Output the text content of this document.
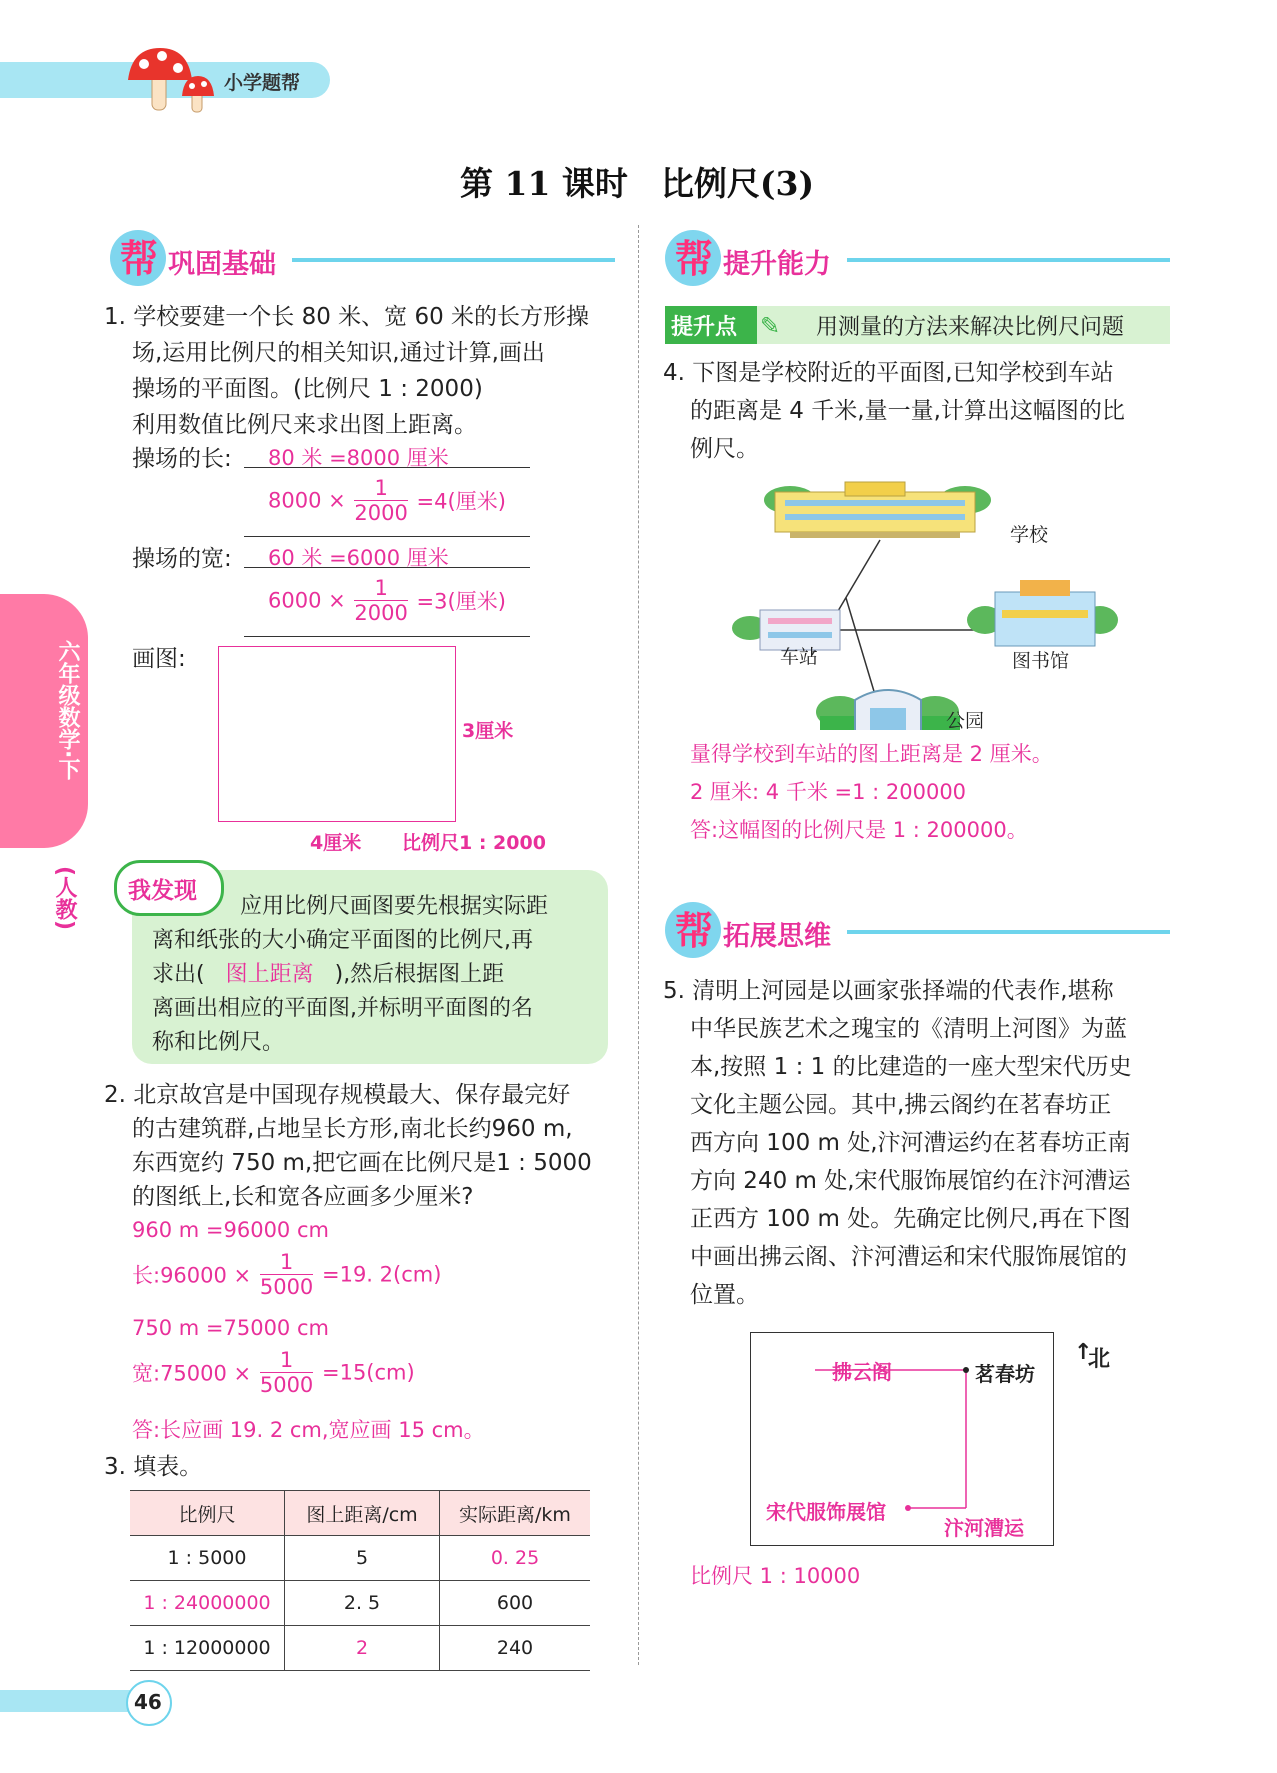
小学题帮
第 11 课时　比例尺(3)
六年级数学·下
(人教)
帮 巩固基础
1. 学校要建一个长 80 米、宽 60 米的长方形操
场,运用比例尺的相关知识,通过计算,画出
操场的平面图。(比例尺 1 : 2000)
利用数值比例尺来求出图上距离。
操场的长: 80 米 =8000 厘米
$8000 \times \frac{1}{2000} =4$(厘米)
操场的宽: 60 米 =6000 厘米
$6000 \times \frac{1}{2000} =3$(厘米)
画图:
3厘米
4厘米 比例尺1 : 2000
我发现
应用比例尺画图要先根据实际距
离和纸张的大小确定平面图的比例尺,再
求出( 图上距离 ),然后根据图上距
离画出相应的平面图,并标明平面图的名
称和比例尺。
2. 北京故宫是中国现存规模最大、保存最完好
的古建筑群,占地呈长方形,南北长约960 m,
东西宽约 750 m,把它画在比例尺是1 : 5000
的图纸上,长和宽各应画多少厘米?
960 m =96000 cm
长:96000 × $\frac{1}{5000} =19$. 2(cm)
750 m =75000 cm
宽:75000 × $\frac{1}{5000} =15(cm)$
答:长应画 19. 2 cm,宽应画 15 cm。
3. 填表。
比例尺	图上距离/cm	实际距离/km
1 : 5000	5	0. 25
1 : 24000000	2. 5	600
1 : 12000000	2	240
帮 提升能力
提升点 ✎ 用测量的方法来解决比例尺问题
4. 下图是学校附近的平面图,已知学校到车站
的距离是 4 千米,量一量,计算出这幅图的比
例尺。
学校
车站	图书馆
公园
量得学校到车站的图上距离是 2 厘米。
2 厘米: 4 千米 =1 : 200000
答:这幅图的比例尺是 1 : 200000。
帮 拓展思维
5. 清明上河园是以画家张择端的代表作,堪称
中华民族艺术之瑰宝的《清明上河图》为蓝
本,按照 1 : 1 的比建造的一座大型宋代历史
文化主题公园。其中,拂云阁约在茗春坊正
西方向 100 m 处,汴河漕运约在茗春坊正南
方向 240 m 处,宋代服饰展馆约在汴河漕运
正西方 100 m 处。先确定比例尺,再在下图
中画出拂云阁、汴河漕运和宋代服饰展馆的
位置。
拂云阁	茗春坊
宋代服饰展馆
汴河漕运
↑
北
比例尺 1 : 10000
46
